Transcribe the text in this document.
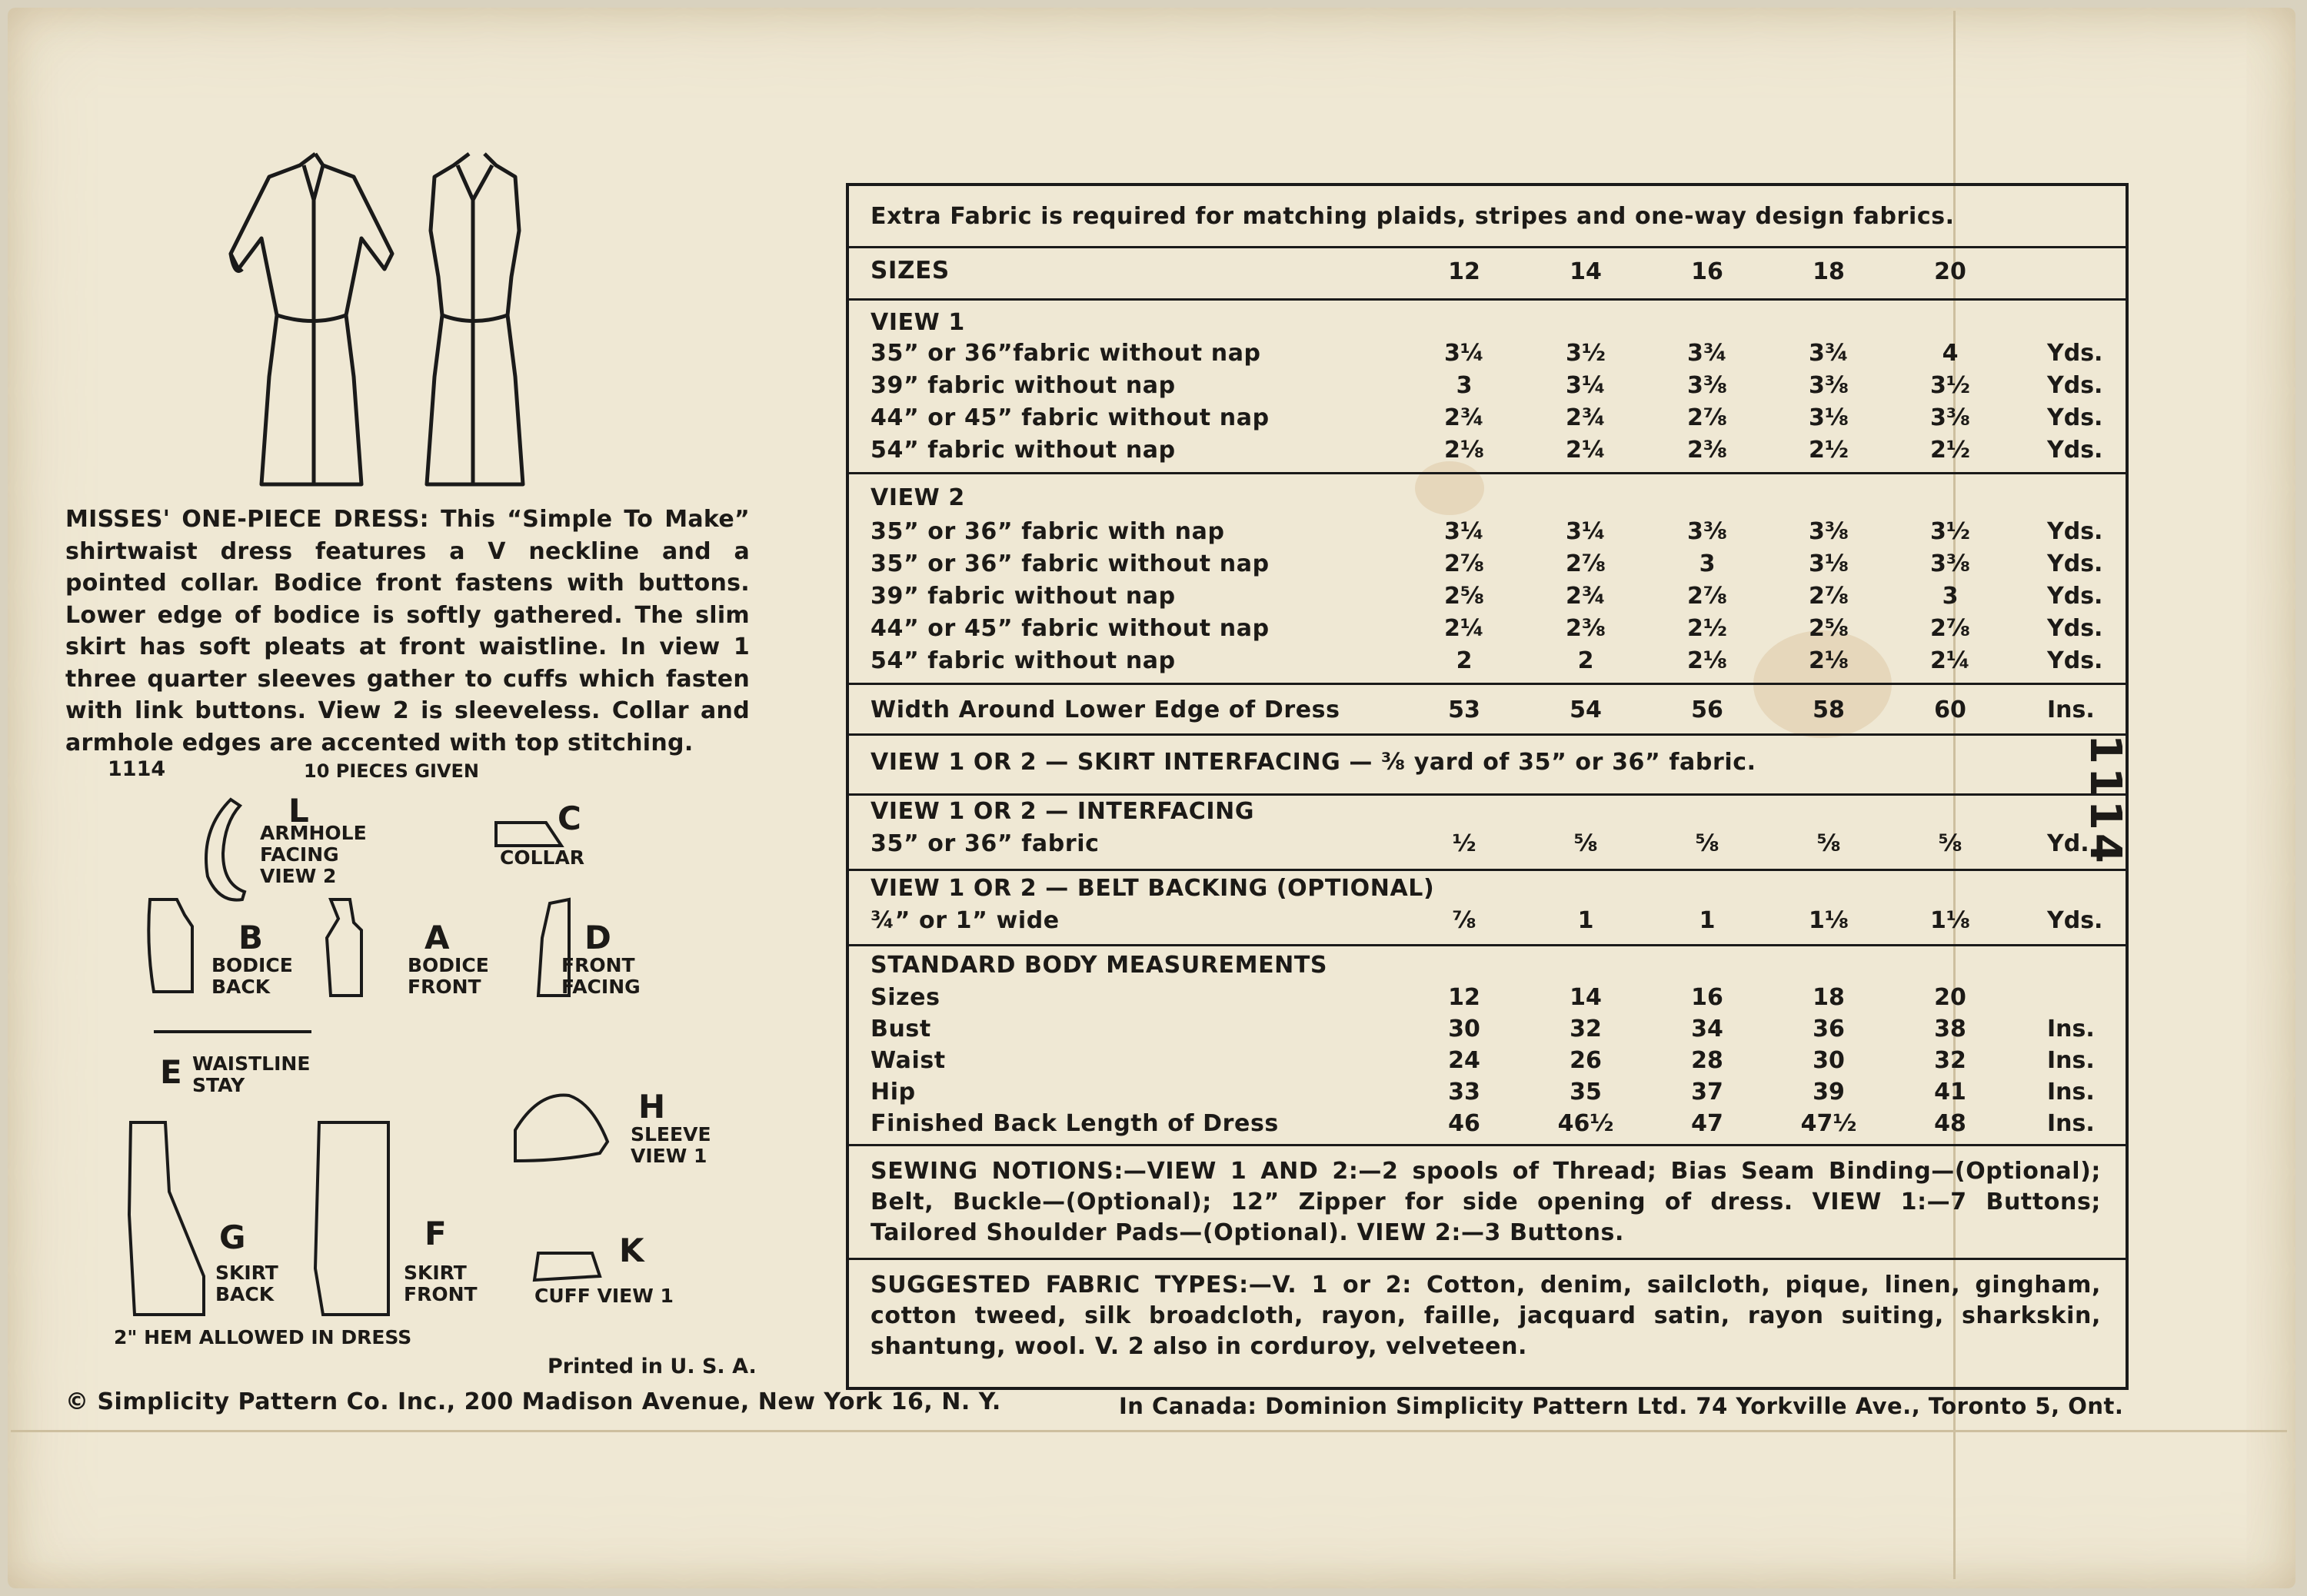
MISSES' ONE-PIECE DRESS: This “Simple To Make” shirtwaist dress features a V neckline and a pointed collar. Bodice front fastens with buttons. Lower edge of bodice is softly gathered. The slim skirt has soft pleats at front waistline. In view 1 three quarter sleeves gather to cuffs which fasten with link buttons. View 2 is sleeveless. Collar and armhole edges are accented with top stitching.
1114	10 PIECES GIVEN
L
ARMHOLE
FACING
VIEW 2
C
COLLAR
B
BODICE
BACK
A
BODICE
FRONT
D
FRONT
FACING
E WAISTLINE
STAY
H
SLEEVE
VIEW 1
G
SKIRT
BACK
F
SKIRT
FRONT
K
CUFF VIEW 1
2" HEM ALLOWED IN DRESS
Printed in U. S. A.
© Simplicity Pattern Co. Inc., 200 Madison Avenue, New York 16, N. Y.	In Canada: Dominion Simplicity Pattern Ltd. 74 Yorkville Ave., Toronto 5, Ont.
1114
Extra Fabric is required for matching plaids, stripes and one-way design fabrics.
SIZES	12	14	16	18	20
VIEW 1
35” or 36”fabric without nap	3¼	3½	3¾	3¾	4	Yds.
39” fabric without nap	3	3¼	3⅜	3⅜	3½	Yds.
44” or 45” fabric without nap	2¾	2¾	2⅞	3⅛	3⅜	Yds.
54” fabric without nap	2⅛	2¼	2⅜	2½	2½	Yds.
VIEW 2
35” or 36” fabric with nap	3¼	3¼	3⅜	3⅜	3½	Yds.
35” or 36” fabric without nap	2⅞	2⅞	3	3⅛	3⅜	Yds.
39” fabric without nap	2⅝	2¾	2⅞	2⅞	3	Yds.
44” or 45” fabric without nap	2¼	2⅜	2½	2⅝	2⅞	Yds.
54” fabric without nap	2	2	2⅛	2⅛	2¼	Yds.
Width Around Lower Edge of Dress	53	54	56	58	60	Ins.
VIEW 1 OR 2 — SKIRT INTERFACING — ⅜ yard of 35” or 36” fabric.
VIEW 1 OR 2 — INTERFACING
35” or 36” fabric	½	⅝	⅝	⅝	⅝	Yd.
VIEW 1 OR 2 — BELT BACKING (OPTIONAL)
¾” or 1” wide	⅞	1	1	1⅛	1⅛	Yds.
STANDARD BODY MEASUREMENTS
Sizes	12	14	16	18	20
Bust	30	32	34	36	38	Ins.
Waist	24	26	28	30	32	Ins.
Hip	33	35	37	39	41	Ins.
Finished Back Length of Dress	46	46½	47	47½	48	Ins.
SEWING NOTIONS:—VIEW 1 AND 2:—2 spools of Thread; Bias Seam Binding—(Optional); Belt, Buckle—(Optional); 12” Zipper for side opening of dress. VIEW 1:—7 Buttons; Tailored Shoulder Pads—(Optional). VIEW 2:—3 Buttons.
SUGGESTED FABRIC TYPES:—V. 1 or 2: Cotton, denim, sailcloth, pique, linen, gingham, cotton tweed, silk broadcloth, rayon, faille, jacquard satin, rayon suiting, sharkskin, shantung, wool. V. 2 also in corduroy, velveteen.
